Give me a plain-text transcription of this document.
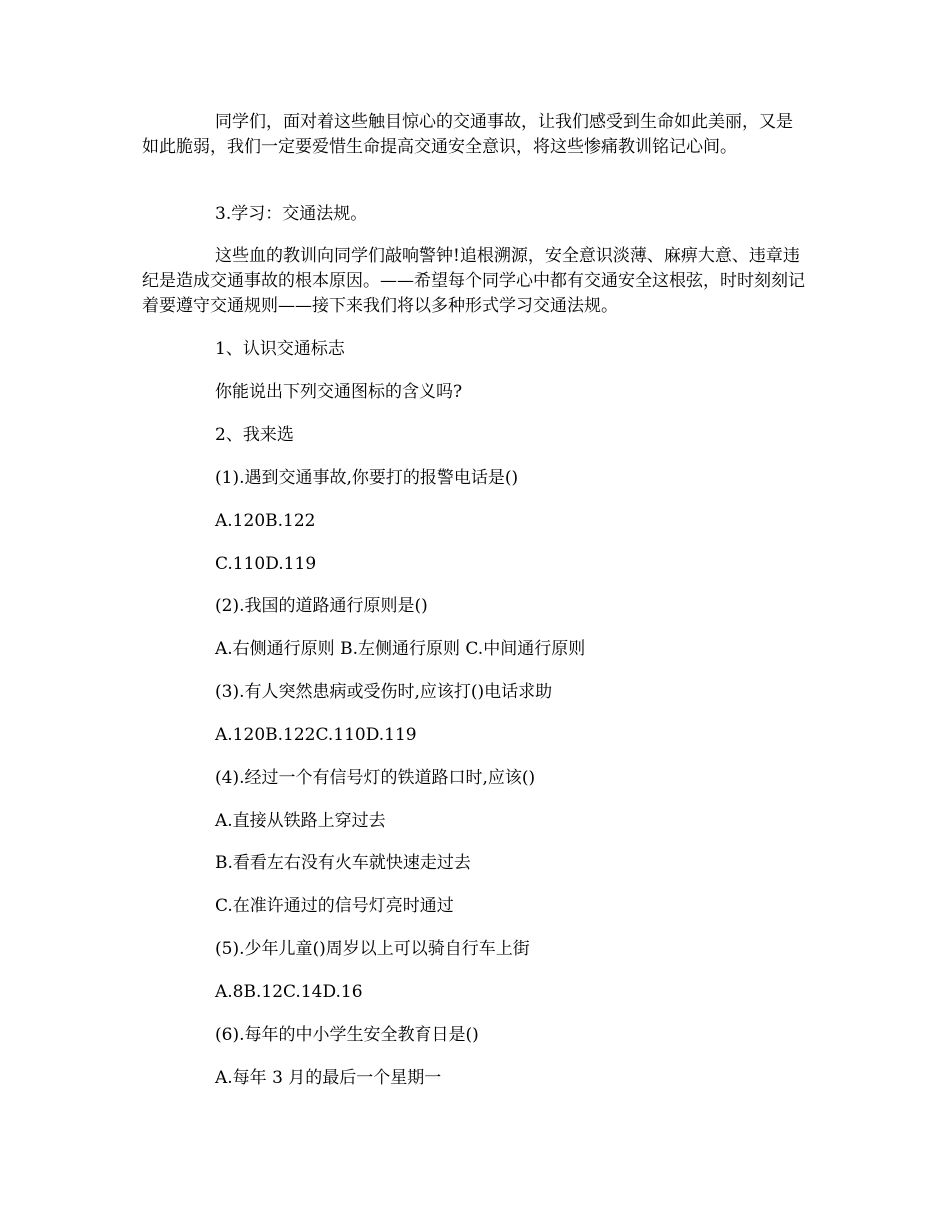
同学们，面对着这些触目惊心的交通事故，让我们感受到生命如此美丽，又是如此脆弱，我们一定要爱惜生命提高交通安全意识，将这些惨痛教训铭记心间。
3.学习：交通法规。
这些血的教训向同学们敲响警钟!追根溯源，安全意识淡薄、麻痹大意、违章违纪是造成交通事故的根本原因。——希望每个同学心中都有交通安全这根弦，时时刻刻记着要遵守交通规则——接下来我们将以多种形式学习交通法规。
1、认识交通标志
你能说出下列交通图标的含义吗?
2、我来选
(1).遇到交通事故,你要打的报警电话是()
A.120B.122
C.110D.119
(2).我国的道路通行原则是()
A.右侧通行原则 B.左侧通行原则 C.中间通行原则
(3).有人突然患病或受伤时,应该打()电话求助
A.120B.122C.110D.119
(4).经过一个有信号灯的铁道路口时,应该()
A.直接从铁路上穿过去
B.看看左右没有火车就快速走过去
C.在准许通过的信号灯亮时通过
(5).少年儿童()周岁以上可以骑自行车上街
A.8B.12C.14D.16
(6).每年的中小学生安全教育日是()
A.每年 3 月的最后一个星期一
